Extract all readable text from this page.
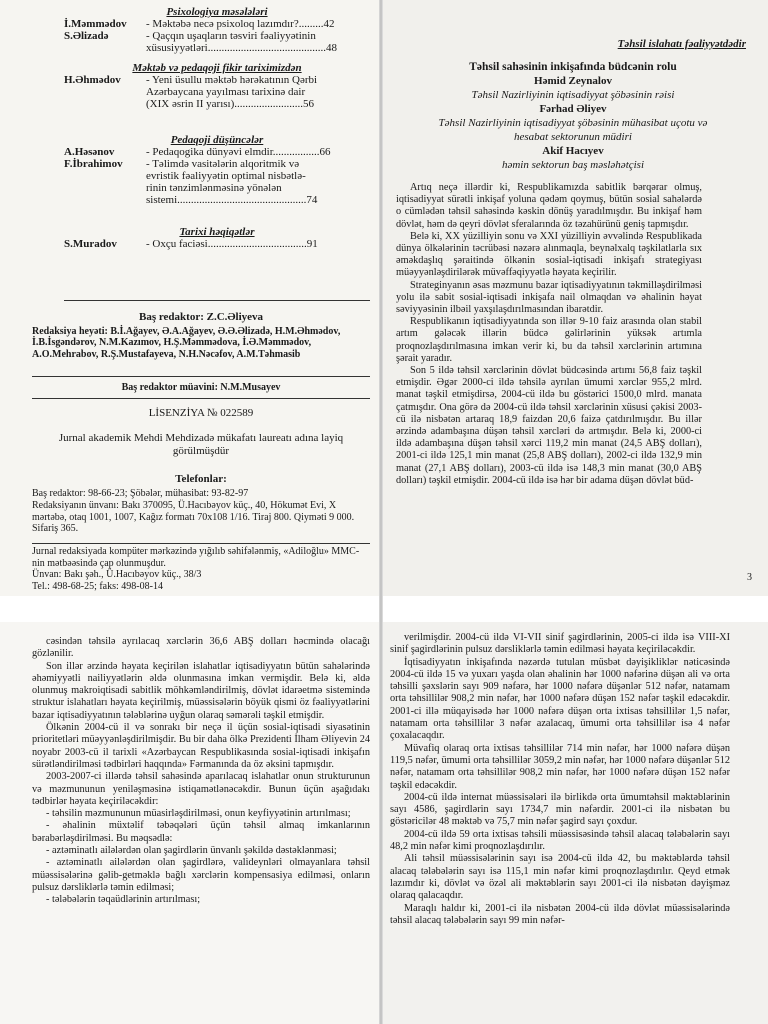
Psixologiya məsələləri

İ.Məmmədov	- Məktəbə necə psixoloq lazımdır?.........42
S.Əlizadə	- Qaçqın uşaqların təsviri fəaliyyətinin
xüsusiyyətləri...........................................48

Məktəb və pedaqoji fikir tariximizdən

H.Əhmədov	- Yeni üsullu məktəb hərəkatının Qərbi
Azərbaycana yayılması tarixinə dair
(XIX əsrin II yarısı).........................56

Pedaqoji düşüncələr

A.Həsənov	- Pedaqogika dünyəvi elmdir.................66
F.İbrahimov	- Təlimdə vasitələrin alqoritmik və
evristik fəaliyyətin optimal nisbətlə-
rinin tənzimlənməsinə yönələn
sistemi...............................................74

Tarixi həqiqətlər

S.Muradov	- Oxçu faciəsi....................................91
Baş redaktor: Z.C.Əliyeva
Redaksiya heyəti: B.İ.Ağayev, Ə.A.Ağayev, Ə.Ə.Əlizadə, H.M.Əhmədov, İ.B.İsgəndərov, N.M.Kazımov, H.Ş.Məmmədova, İ.Ə.Məmmədov, A.O.Mehrabov, R.Ş.Mustafayeva, N.H.Nəcəfov, A.M.Təhmasib
Baş redaktor müavini: N.M.Musayev
LİSENZİYA № 022589
Jurnal akademik Mehdi Mehdizadə mükafatı laureatı adına layiq görülmüşdür
Telefonlar:
Baş redaktor: 98-66-23; Şöbələr, mühasibat: 93-82-97
Redaksiyanın ünvanı: Bakı 370095, Ü.Hacıbəyov küç., 40, Hökumət Evi, X mərtəbə, otaq 1001, 1007, Kağız formatı 70x108 1/16. Tiraj 800. Qiyməti 9 000. Sifariş 365.
Jurnal redaksiyada kompüter mərkəzində yığılıb səhifələnmiş, «Adiloğlu» MMC-nin mətbəəsində çap olunmuşdur.
Ünvan: Bakı şəh., Ü.Hacıbəyov küç., 38/3
Tel.: 498-68-25; faks: 498-08-14
Təhsil islahatı fəaliyyətdədir
Təhsil sahəsinin inkişafında büdcənin rolu
Həmid Zeynalov
Təhsil Nazirliyinin iqtisadiyyat şöbəsinin rəisi
Fərhad Əliyev
Təhsil Nazirliyinin iqtisadiyyat şöbəsinin mühasibat uçotu və hesabat sektorunun müdiri
Akif Hacıyev
həmin sektorun baş məsləhətçisi

Artıq neçə illərdir ki, Respublikamızda sabitlik bərqərar olmuş, iqtisadiyyat sürətli inkişaf yoluna qədəm qoymuş, bütün sosial sahələrdə o cümlədən təhsil sahəsində kəskin dönüş yaradılmışdır. Bu inkişaf həm dövlət, həm də qeyri dövlət sferalarında öz təzahürünü geniş tapmışdır.

Belə ki, XX yüzilliyin sonu və XXI yüzilliyin əvvəlində Respublikada dünya ölkələrinin təcrübəsi nəzərə alınmaqla, beynəlxalq təşkilatlarla sıx əməkdaşlıq şəraitində ölkənin sosial-iqtisadi inkişafı strategiyası müəyyənləşdirilərək müvəffəqiyyətlə həyata keçirilir.

Strateginyanın əsas məzmunu bazar iqtisadiyyatının təkmilləşdirilməsi yolu ilə sabit sosial-iqtisadi inkişafa nail olmaqdan və əhalinin həyat səviyyəsinin ilbəil yaxşılaşdırılmasından ibarətdir.

Respublikanın iqtisadiyyatında son illər 9-10 faiz arasında olan stabil artım gələcək illərin büdcə gəlirlərinin yüksək artımla proqnozlaşdırılmasına imkan verir ki, bu da təhsil xərclərinin artımına şərait yaradır.

Son 5 ildə təhsil xərclərinin dövlət büdcəsində artımı 56,8 faiz təşkil etmişdir. Əgər 2000-ci ildə təhsilə ayrılan ümumi xərclər 955,2 mlrd. manat təşkil etmişdirsə, 2004-cü ildə bu göstərici 1500,0 mlrd. manata çatmışdır. Ona görə də 2004-cü ildə təhsil xərclərinin xüsusi çəkisi 2003-cü ilə nisbətən artaraq 18,9 faizdən 20,6 faizə çatdırılmışdır. Bu illər ərzində adambaşına düşən təhsil xərcləri də artmışdır. Belə ki, 2000-ci ildə adambaşına düşən təhsil xərci 119,2 min manat (24,5 ABŞ dolları), 2001-ci ildə 125,1 min manat (25,8 ABŞ dolları), 2002-ci ildə 132,9 min manat (27,1 ABŞ dolları), 2003-cü ildə isə 148,3 min manat (30,0 ABŞ dolları) təşkil etmişdir. 2004-cü ildə isə hər bir adama düşən dövlət büd-

3

cəsindən təhsilə ayrılacaq xərclərin 36,6 ABŞ dolları həcmində olacağı gözlənilir.

Son illər ərzində həyata keçirilən islahatlar iqtisadiyyatın bütün sahələrində əhəmiyyətli nailiyyətlərin əldə olunmasına imkan vermişdir. Belə ki, əldə olunmuş makroiqtisadi sabitlik möhkəmləndirilmiş, dövlət idarəetmə sistemində struktur islahatları həyata keçirilmiş, müəssisələrin böyük qismi öz fəaliyyətlərini bazar iqtisadiyyatının tələblərinə uyğun olaraq səmərəli təşkil etmişdir.

Ölkənin 2004-cü il və sonrakı bir neçə il üçün sosial-iqtisadi siyasətinin prioritetləri müəyyənləşdirilmişdir. Bu bir daha ölkə Prezidenti İlham Əliyevin 24 noyabr 2003-cü il tarixli «Azərbaycan Respublikasında sosial-iqtisadi inkişafın sürətləndirilməsi tədbirləri haqqında» Fərmanında da öz əksini tapmışdır.

2003-2007-ci illərdə təhsil sahəsində aparılacaq islahatlar onun strukturunun və məzmununun yeniləşməsinə istiqamətlənəcəkdir. Bunun üçün aşağıdakı tədbirlər həyata keçiriləcəkdir:

- təhsilin məzmununun müasirləşdirilməsi, onun keyfiyyətinin artırılması;

- əhalinin müxtəlif təbəqələri üçün təhsil almaq imkanlarının bərabərləşdirilməsi. Bu məqsədlə:

- aztəminatlı ailələrdən olan şagirdlərin ünvanlı şəkildə dəstəklənməsi;

- aztəminatlı ailələrdən olan şagirdlərə, valideynləri olmayanlara təhsil müəssisələrinə gəlib-getməklə bağlı xərclərin kompensasiya edilməsi, onların pulsuz dərsliklərlə təmin edilməsi;

- tələbələrin təqaüdlərinin artırılması;

verilmişdir. 2004-cü ildə VI-VII sinif şagirdlərinin, 2005-ci ildə isə VIII-XI sinif şagirdlərinin pulsuz dərsliklərlə təmin edilməsi həyata keçiriləcəkdir.

İqtisadiyyatın inkişafında nəzərdə tutulan müsbət dəyişikliklər nəticəsində 2004-cü ildə 15 və yuxarı yaşda olan əhalinin hər 1000 nəfərinə düşən ali və orta təhsilli şəxslərin sayı 909 nəfərə, hər 1000 nəfərə düşənlər 512 nəfər, natamam orta təhsillilər 908,2 min nəfər, hər 1000 nəfərə düşən 152 nəfər təşkil edəcəkdir. 2001-ci illə müqayisədə hər 1000 nəfərə düşən orta ixtisas təhsillilər 1,5 nəfər, natamam orta təhsillilər 3 nəfər azalacaq, ümumi orta təhsillilər isə 4 nəfər çoxalacaqdır.

Müvafiq olaraq orta ixtisas təhsillilər 714 min nəfər, hər 1000 nəfərə düşən 119,5 nəfər, ümumi orta təhsillilər 3059,2 min nəfər, hər 1000 nəfərə düşənlər 512 nəfər, natamam orta təhsillilər 908,2 min nəfər, hər 1000 nəfərə düşən 152 nəfər təşkil edəcəkdir.

2004-cü ildə internat müəssisələri ilə birlikdə orta ümumtəhsil məktəblərinin sayı 4586, şagirdlərin sayı 1734,7 min nəfərdir. 2001-ci ilə nisbətən bu göstəricilər 48 məktəb və 75,7 min nəfər şagird sayı çoxdur.

2004-cü ildə 59 orta ixtisas təhsili müəssisəsində təhsil alacaq tələbələrin sayı 48,2 min nəfər kimi proqnozlaşdırılır.

Ali təhsil müəssisələrinin sayı isə 2004-cü ildə 42, bu məktəblərdə təhsil alacaq tələbələrin sayı isə 115,1 min nəfər kimi proqnozlaşdırılır. Qeyd etmək lazımdır ki, dövlət və özəl ali məktəblərin sayı 2001-ci ilə nisbətən dəyişməz olaraq qalacaqdır.

Maraqlı haldır ki, 2001-ci ilə nisbətən 2004-cü ildə dövlət müəssisələrində təhsil alacaq tələbələrin sayı 99 min nəfər-
